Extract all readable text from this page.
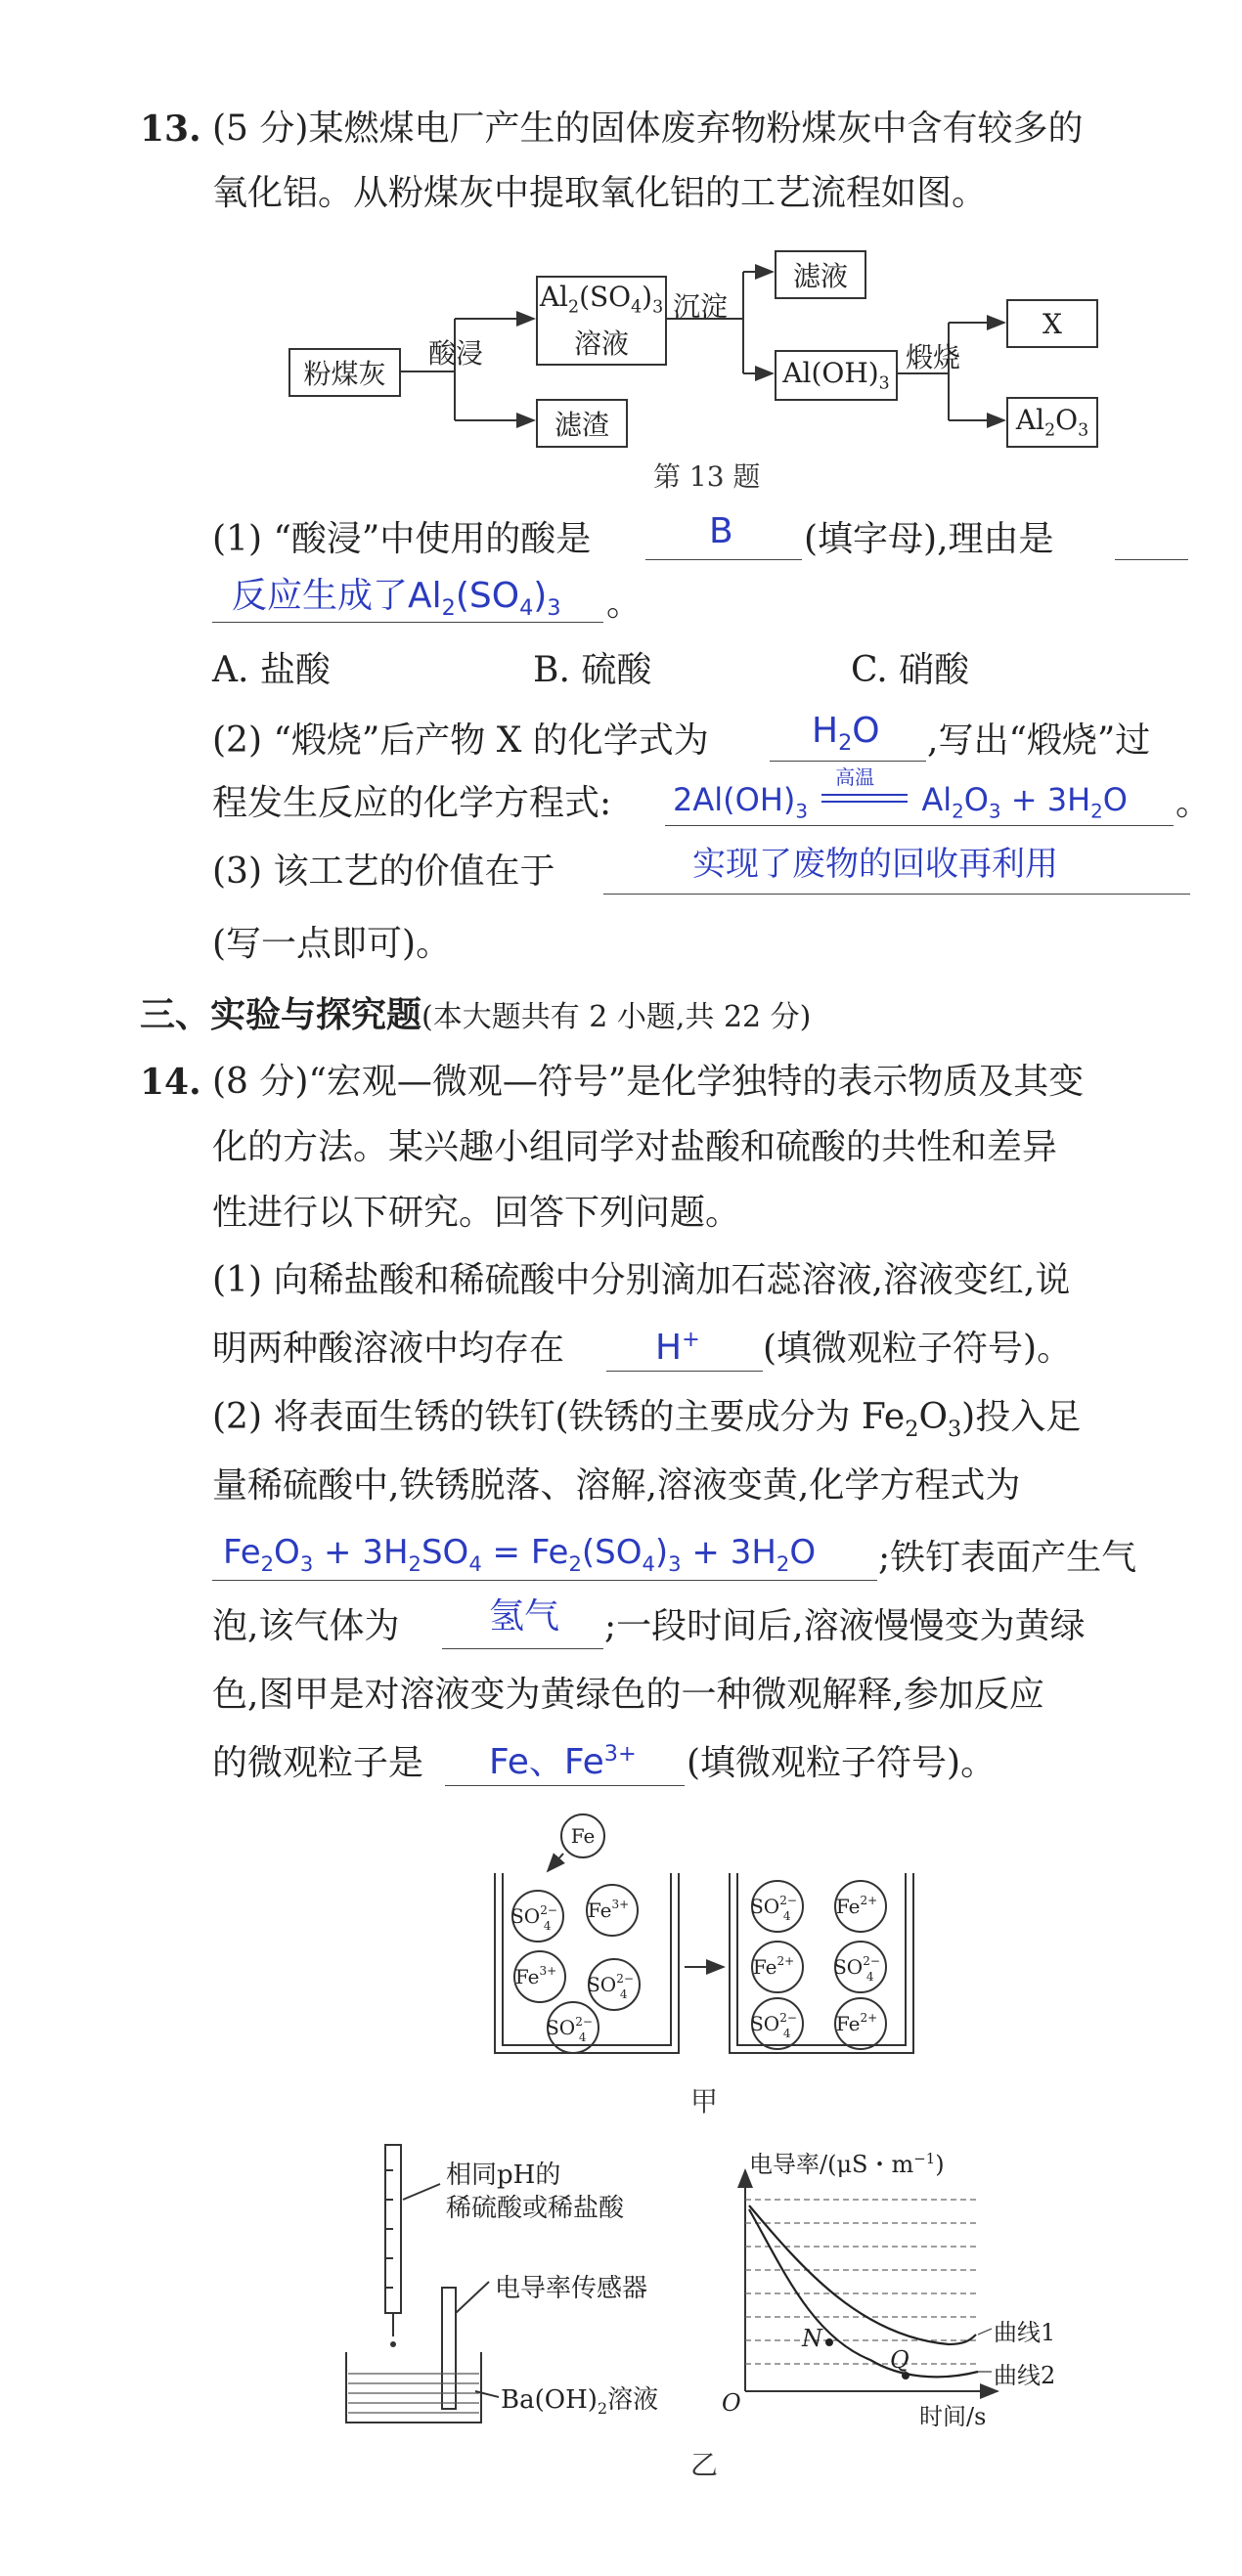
13. (5 分)某燃煤电厂产生的固体废弃物粉煤灰中含有较多的
氧化铝。从粉煤灰中提取氧化铝的工艺流程如图。
粉煤灰
酸浸
$Al_2(SO_4)_3$
溶液
沉淀
滤渣
滤液
$Al(OH)_3$
煅烧
X
$Al_2O_3$
第 13 题
(1) “酸浸”中使用的酸是	B (填字母),理由是
反应生成了$Al_2(SO_4)_3$ 。
A. 盐酸	B. 硫酸	C. 硝酸
(2) “煅烧”后产物 X 的化学式为	$H_2O$ ,写出“煅烧”过
程发生反应的化学方程式: $2Al(OH)_3$
高温
$Al_2O_3 + 3H_2O$ 。
(3) 该工艺的价值在于	实现了废物的回收再利用
(写一点即可)。
三、实验与探究题(本大题共有 2 小题,共 22 分)
14. (8 分)“宏观—微观—符号”是化学独特的表示物质及其变
化的方法。某兴趣小组同学对盐酸和硫酸的共性和差异
性进行以下研究。回答下列问题。
(1) 向稀盐酸和稀硫酸中分别滴加石蕊溶液,溶液变红,说
明两种酸溶液中均存在	H+ (填微观粒子符号)。
(2) 将表面生锈的铁钉(铁锈的主要成分为 $Fe_2O_3$)投入足
量稀硫酸中,铁锈脱落、溶解,溶液变黄,化学方程式为
$Fe_2O_3 + 3H_2SO_4 = Fe_2(SO_4)_3 + 3H_2O$ ;铁钉表面产生气
泡,该气体为	氢气 ;一段时间后,溶液慢慢变为黄绿
色,图甲是对溶液变为黄绿色的一种微观解释,参加反应
的微观粒子是 Fe、$Fe^{3+}$ (填微观粒子符号)。
Fe
$SO^{2-}$ 4
$Fe^{3+}$
$Fe^{3+}$
$SO^{2-}$ 4
$SO^{2-}$ 4
$SO^{2-}$ 4	$Fe^{2+}$
$Fe^{2+}$ $SO^{2-}$ 4
$SO^{2-}$ 4	$Fe^{2+}$
甲
相同pH的
稀硫酸或稀盐酸
电导率传感器
$Ba(OH)_2$溶液
电导率/(μS・$m^{-1}$)
时间/s
O
N
Q
曲线1
曲线2
乙
